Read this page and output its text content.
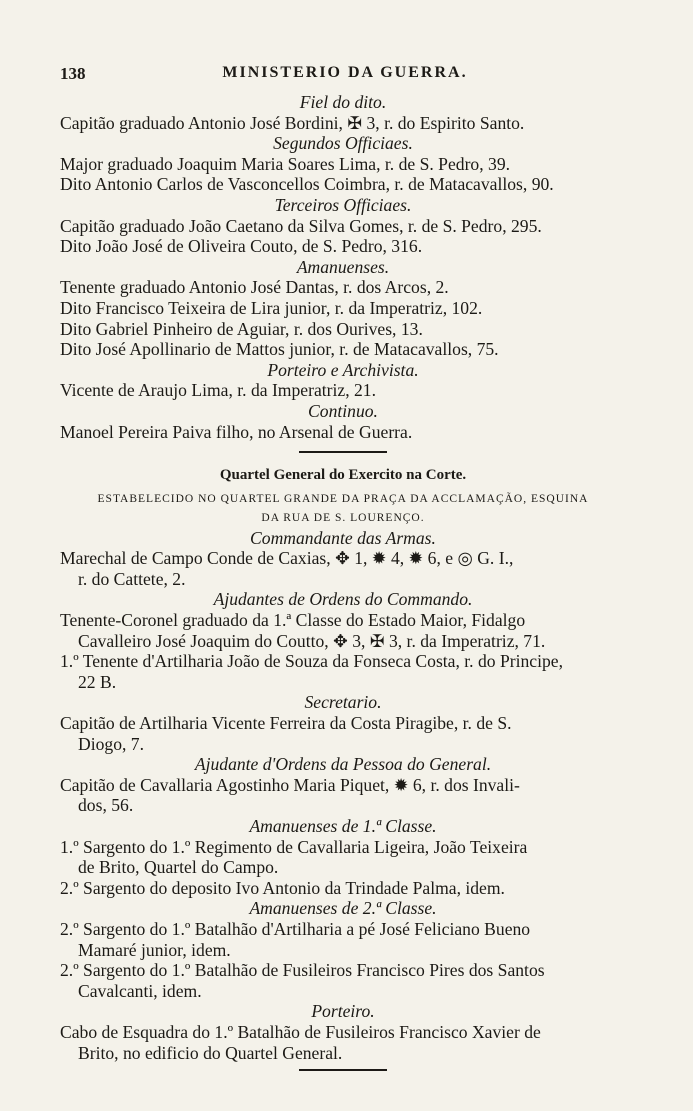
138	MINISTERIO DA GUERRA.
Fiel do dito.
Capitão graduado Antonio José Bordini, ✠ 3, r. do Espirito Santo.
Segundos Officiaes.
Major graduado Joaquim Maria Soares Lima, r. de S. Pedro, 39.
Dito Antonio Carlos de Vasconcellos Coimbra, r. de Matacavallos, 90.
Terceiros Officiaes.
Capitão graduado João Caetano da Silva Gomes, r. de S. Pedro, 295.
Dito João José de Oliveira Couto, de S. Pedro, 316.
Amanuenses.
Tenente graduado Antonio José Dantas, r. dos Arcos, 2.
Dito Francisco Teixeira de Lira junior, r. da Imperatriz, 102.
Dito Gabriel Pinheiro de Aguiar, r. dos Ourives, 13.
Dito José Apollinario de Mattos junior, r. de Matacavallos, 75.
Porteiro e Archivista.
Vicente de Araujo Lima, r. da Imperatriz, 21.
Continuo.
Manoel Pereira Paiva filho, no Arsenal de Guerra.
Quartel General do Exercito na Corte.
ESTABELECIDO NO QUARTEL GRANDE DA PRAÇA DA ACCLAMAÇÃO, ESQUINA
DA RUA DE S. LOURENÇO.
Commandante das Armas.
Marechal de Campo Conde de Caxias, ✥ 1, ✹ 4, ✹ 6, e ◎ G. I.,
r. do Cattete, 2.
Ajudantes de Ordens do Commando.
Tenente-Coronel graduado da 1.ª Classe do Estado Maior, Fidalgo
Cavalleiro José Joaquim do Coutto, ✥ 3, ✠ 3, r. da Imperatriz, 71.
1.º Tenente d'Artilharia João de Souza da Fonseca Costa, r. do Principe,
22 B.
Secretario.
Capitão de Artilharia Vicente Ferreira da Costa Piragibe, r. de S.
Diogo, 7.
Ajudante d'Ordens da Pessoa do General.
Capitão de Cavallaria Agostinho Maria Piquet, ✹ 6, r. dos Invali-
dos, 56.
Amanuenses de 1.ª Classe.
1.º Sargento do 1.º Regimento de Cavallaria Ligeira, João Teixeira
de Brito, Quartel do Campo.
2.º Sargento do deposito Ivo Antonio da Trindade Palma, idem.
Amanuenses de 2.ª Classe.
2.º Sargento do 1.º Batalhão d'Artilharia a pé José Feliciano Bueno
Mamaré junior, idem.
2.º Sargento do 1.º Batalhão de Fusileiros Francisco Pires dos Santos
Cavalcanti, idem.
Porteiro.
Cabo de Esquadra do 1.º Batalhão de Fusileiros Francisco Xavier de
Brito, no edificio do Quartel General.
